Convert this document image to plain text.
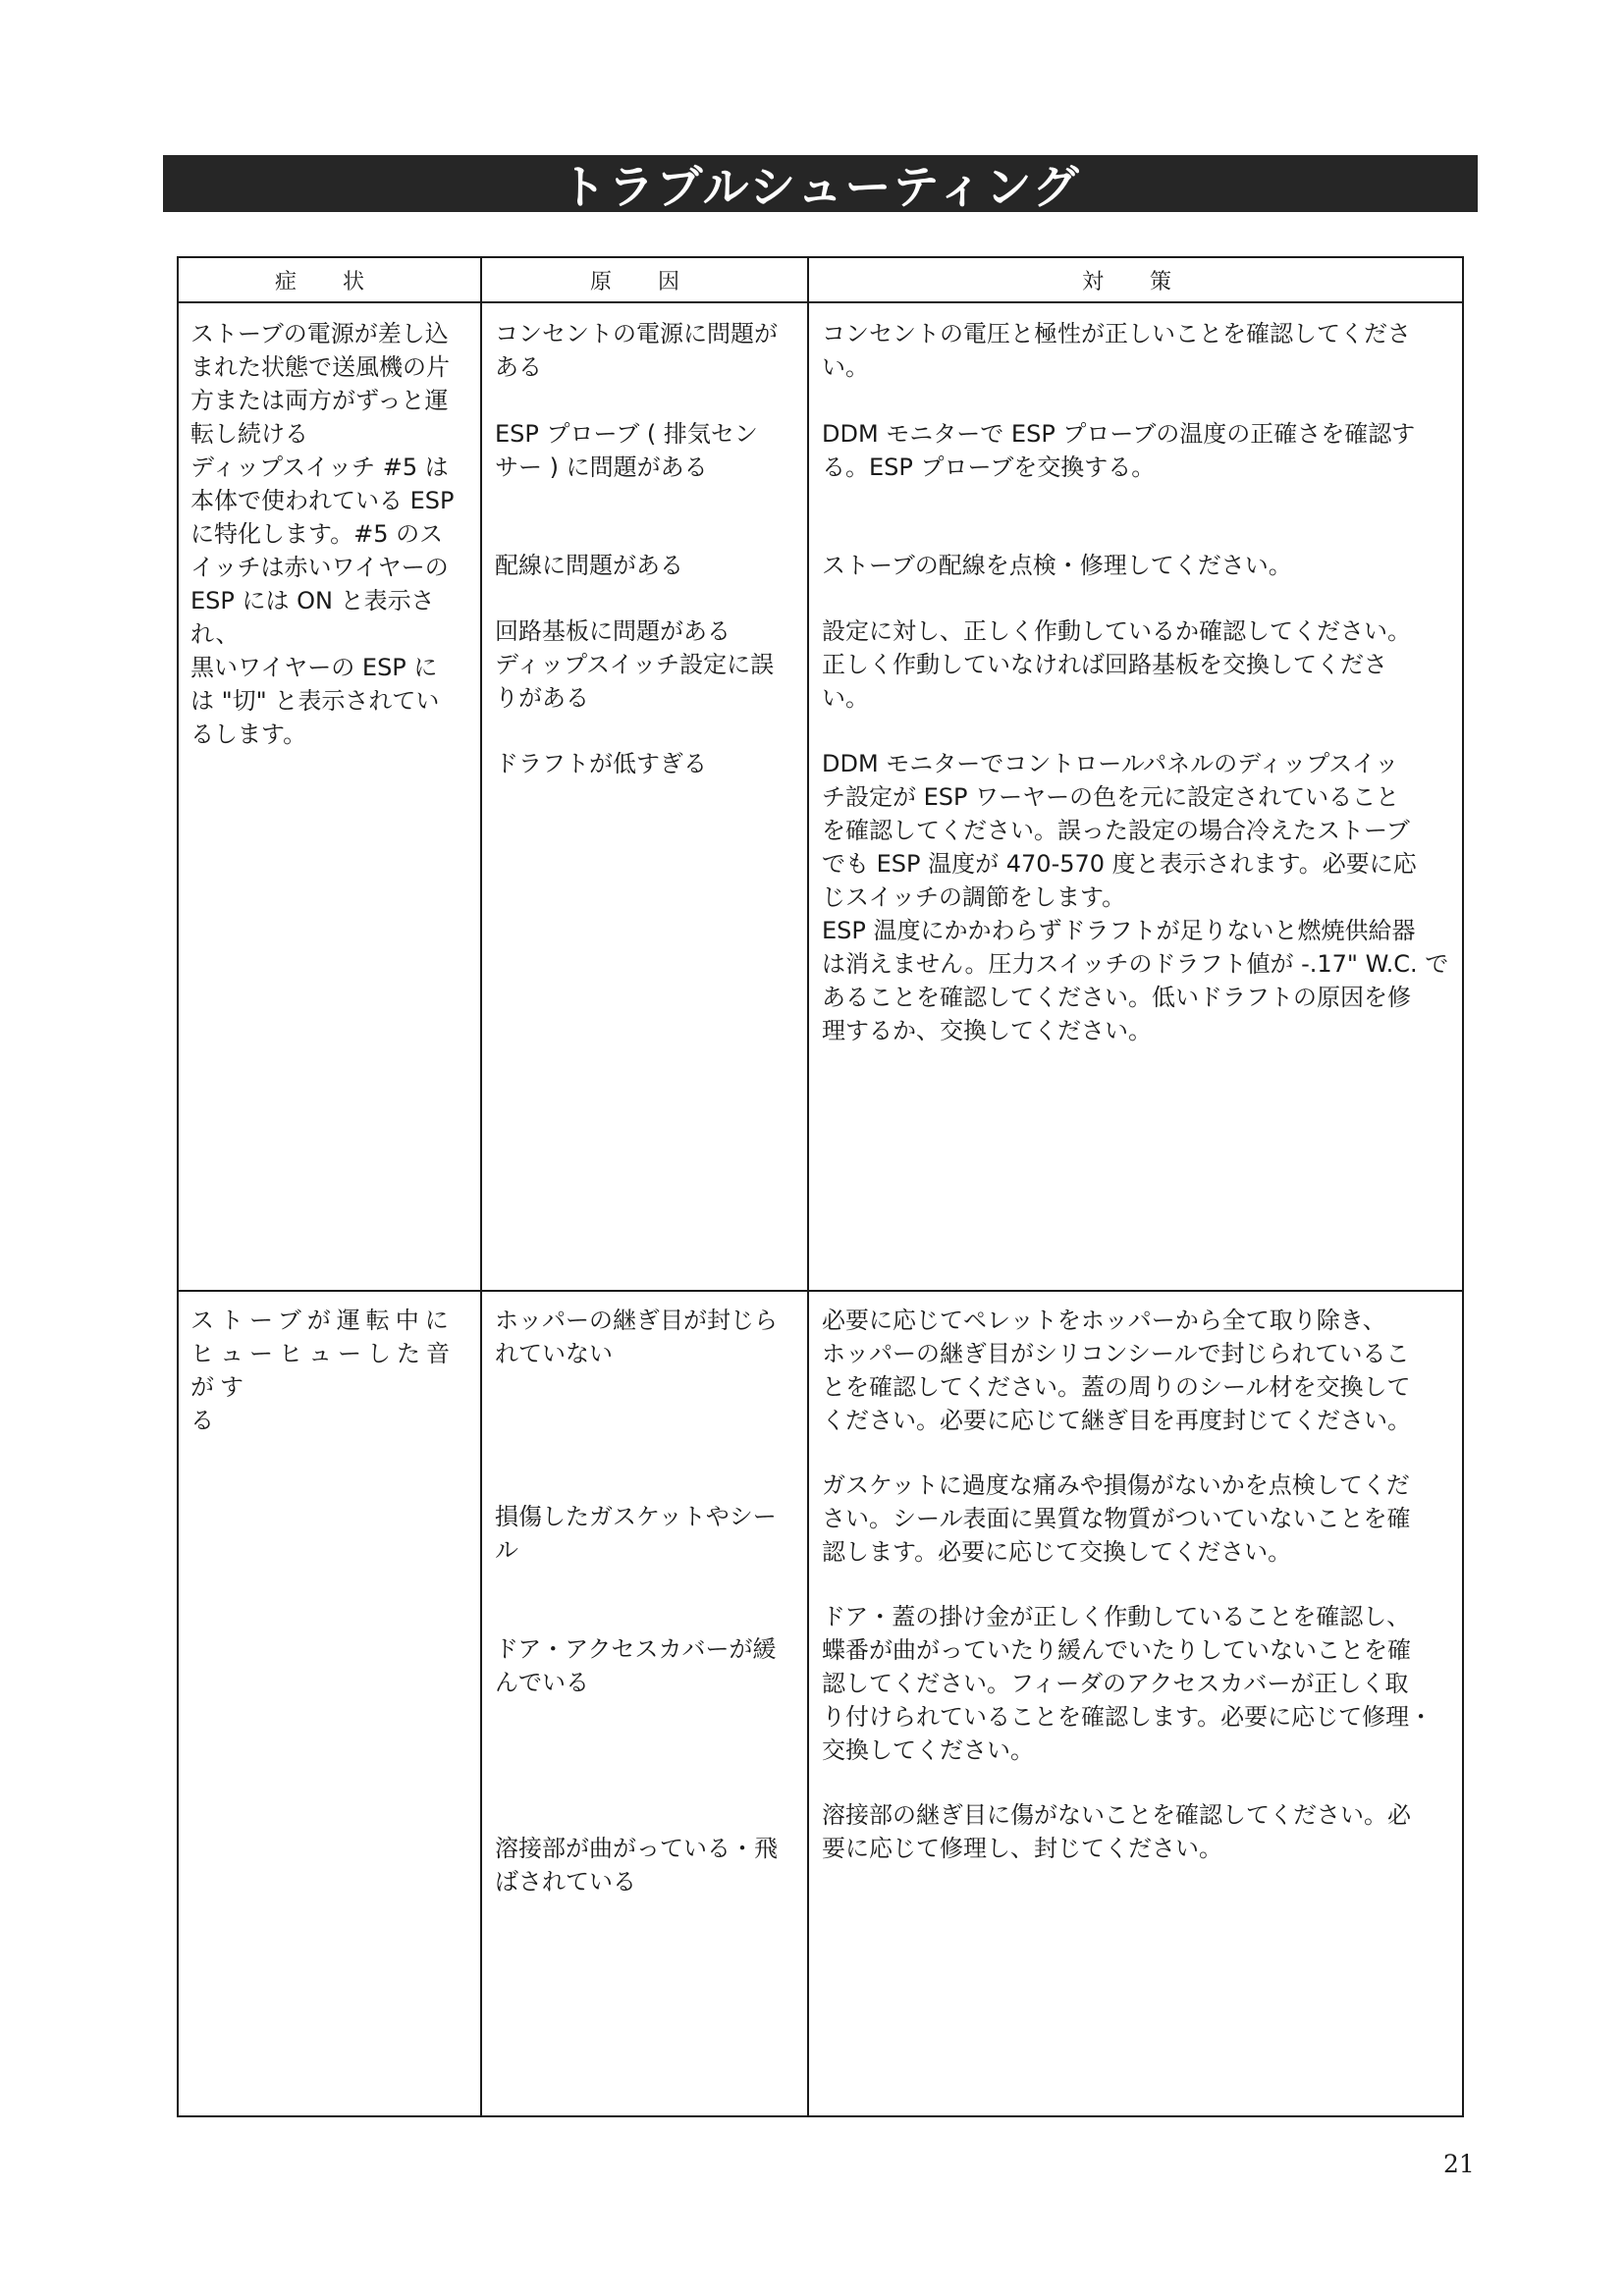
トラブルシューティング
症 状	原 因	対 策

ストーブの電源が差し込
まれた状態で送風機の片
方または両方がずっと運
転し続ける
ディップスイッチ #5 は
本体で使われている ESP
に特化します。#5 のス
イッチは赤いワイヤーの
ESP には ON と表示され、
黒いワイヤーの ESP に
は "切" と表示されてい
るします。

コンセントの電源に問題が
ある

ESP プローブ ( 排気セン
サー ) に問題がある

配線に問題がある

回路基板に問題がある
ディップスイッチ設定に誤
りがある

ドラフトが低すぎる

コンセントの電圧と極性が正しいことを確認してくださ
い。

DDM モニターで ESP プローブの温度の正確さを確認す
る。ESP プローブを交換する。

ストーブの配線を点検・修理してください。

設定に対し、正しく作動しているか確認してください。
正しく作動していなければ回路基板を交換してくださ
い。

DDM モニターでコントロールパネルのディップスイッ
チ設定が ESP ワーヤーの色を元に設定されていること
を確認してください。誤った設定の場合冷えたストーブ
でも ESP 温度が 470-570 度と表示されます。必要に応
じスイッチの調節をします。
ESP 温度にかかわらずドラフトが足りないと燃焼供給器
は消えません。圧力スイッチのドラフト値が -.17" W.C. で
あることを確認してください。低いドラフトの原因を修
理するか、交換してください。

ストーブが運転中に
ヒューヒューした音がす
る

ホッパーの継ぎ目が封じら
れていない

損傷したガスケットやシー
ル

ドア・アクセスカバーが緩
んでいる

溶接部が曲がっている・飛
ばされている

必要に応じてペレットをホッパーから全て取り除き、
ホッパーの継ぎ目がシリコンシールで封じられているこ
とを確認してください。蓋の周りのシール材を交換して
ください。必要に応じて継ぎ目を再度封じてください。

ガスケットに過度な痛みや損傷がないかを点検してくだ
さい。シール表面に異質な物質がついていないことを確
認します。必要に応じて交換してください。

ドア・蓋の掛け金が正しく作動していることを確認し、
蝶番が曲がっていたり緩んでいたりしていないことを確
認してください。フィーダのアクセスカバーが正しく取
り付けられていることを確認します。必要に応じて修理・
交換してください。

溶接部の継ぎ目に傷がないことを確認してください。必
要に応じて修理し、封じてください。

21
